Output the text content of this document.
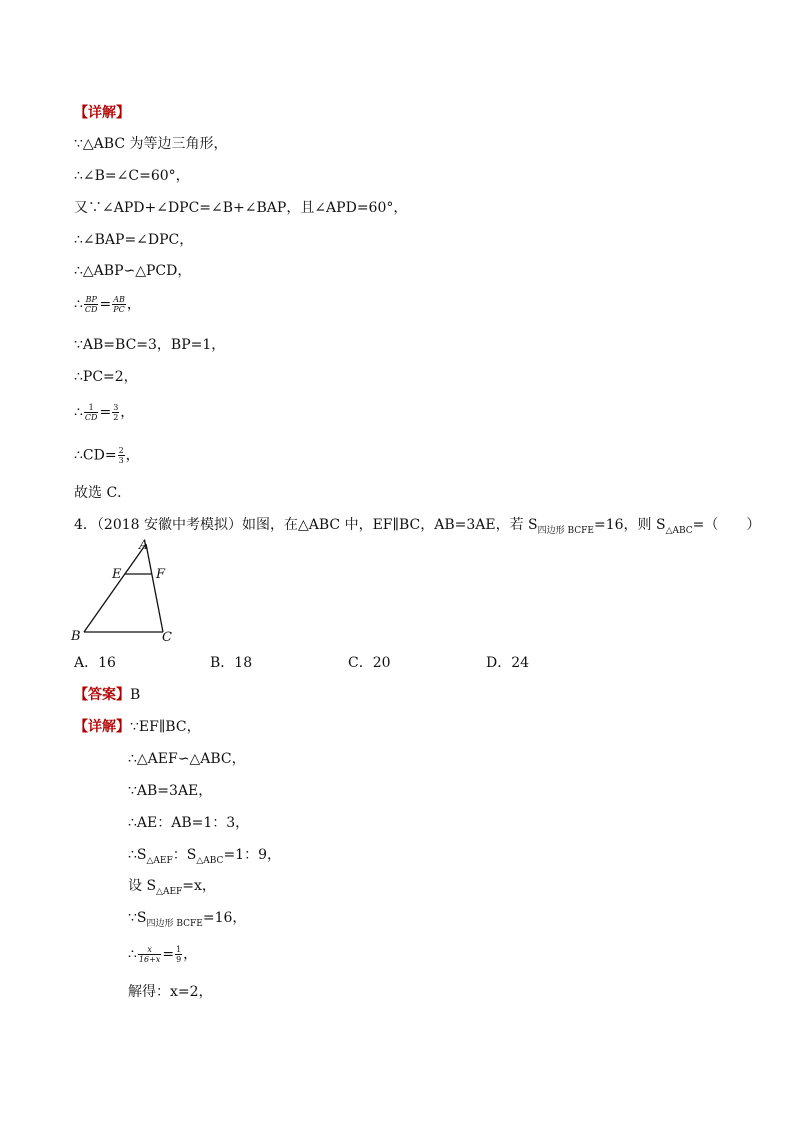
【详解】
∵△ABC 为等边三角形，
∴∠B=∠C=60°，
又∵∠APD+∠DPC=∠B+∠BAP，且∠APD=60°，
∴∠BAP=∠DPC，
∴△ABP∽△PCD，
∴ $\frac{BP}{CD} = \frac{AB}{PC}$ ，
∵AB=BC=3，BP=1，
∴PC=2，
∴ $\frac{1}{CD} = \frac{3}{2}$ ，
∴CD= $\frac{2}{3}$ ，
故选 C．
4．（2018 安徽中考模拟）如图，在△ABC 中，EF∥BC，AB=3AE，若 $S_{四边形 BCFE}=16$，则 $S_{\triangle ABC}=$（　　）
A
E	F
B	C
A．16	B．18	C．20	D．24
【答案】B
【详解】∵EF∥BC，
∴△AEF∽△ABC，
∵AB=3AE，
∴AE：AB=1：3，
$\therefore S_{\triangle AEF}$：$S_{\triangle ABC}=1$：9，
设 $S_{\triangle AEF}=x$，
$\because S_{四边形 BCFE}=16$，
∴ $\frac{x}{16+x} = \frac{1}{9}$ ，
解得：x=2，
